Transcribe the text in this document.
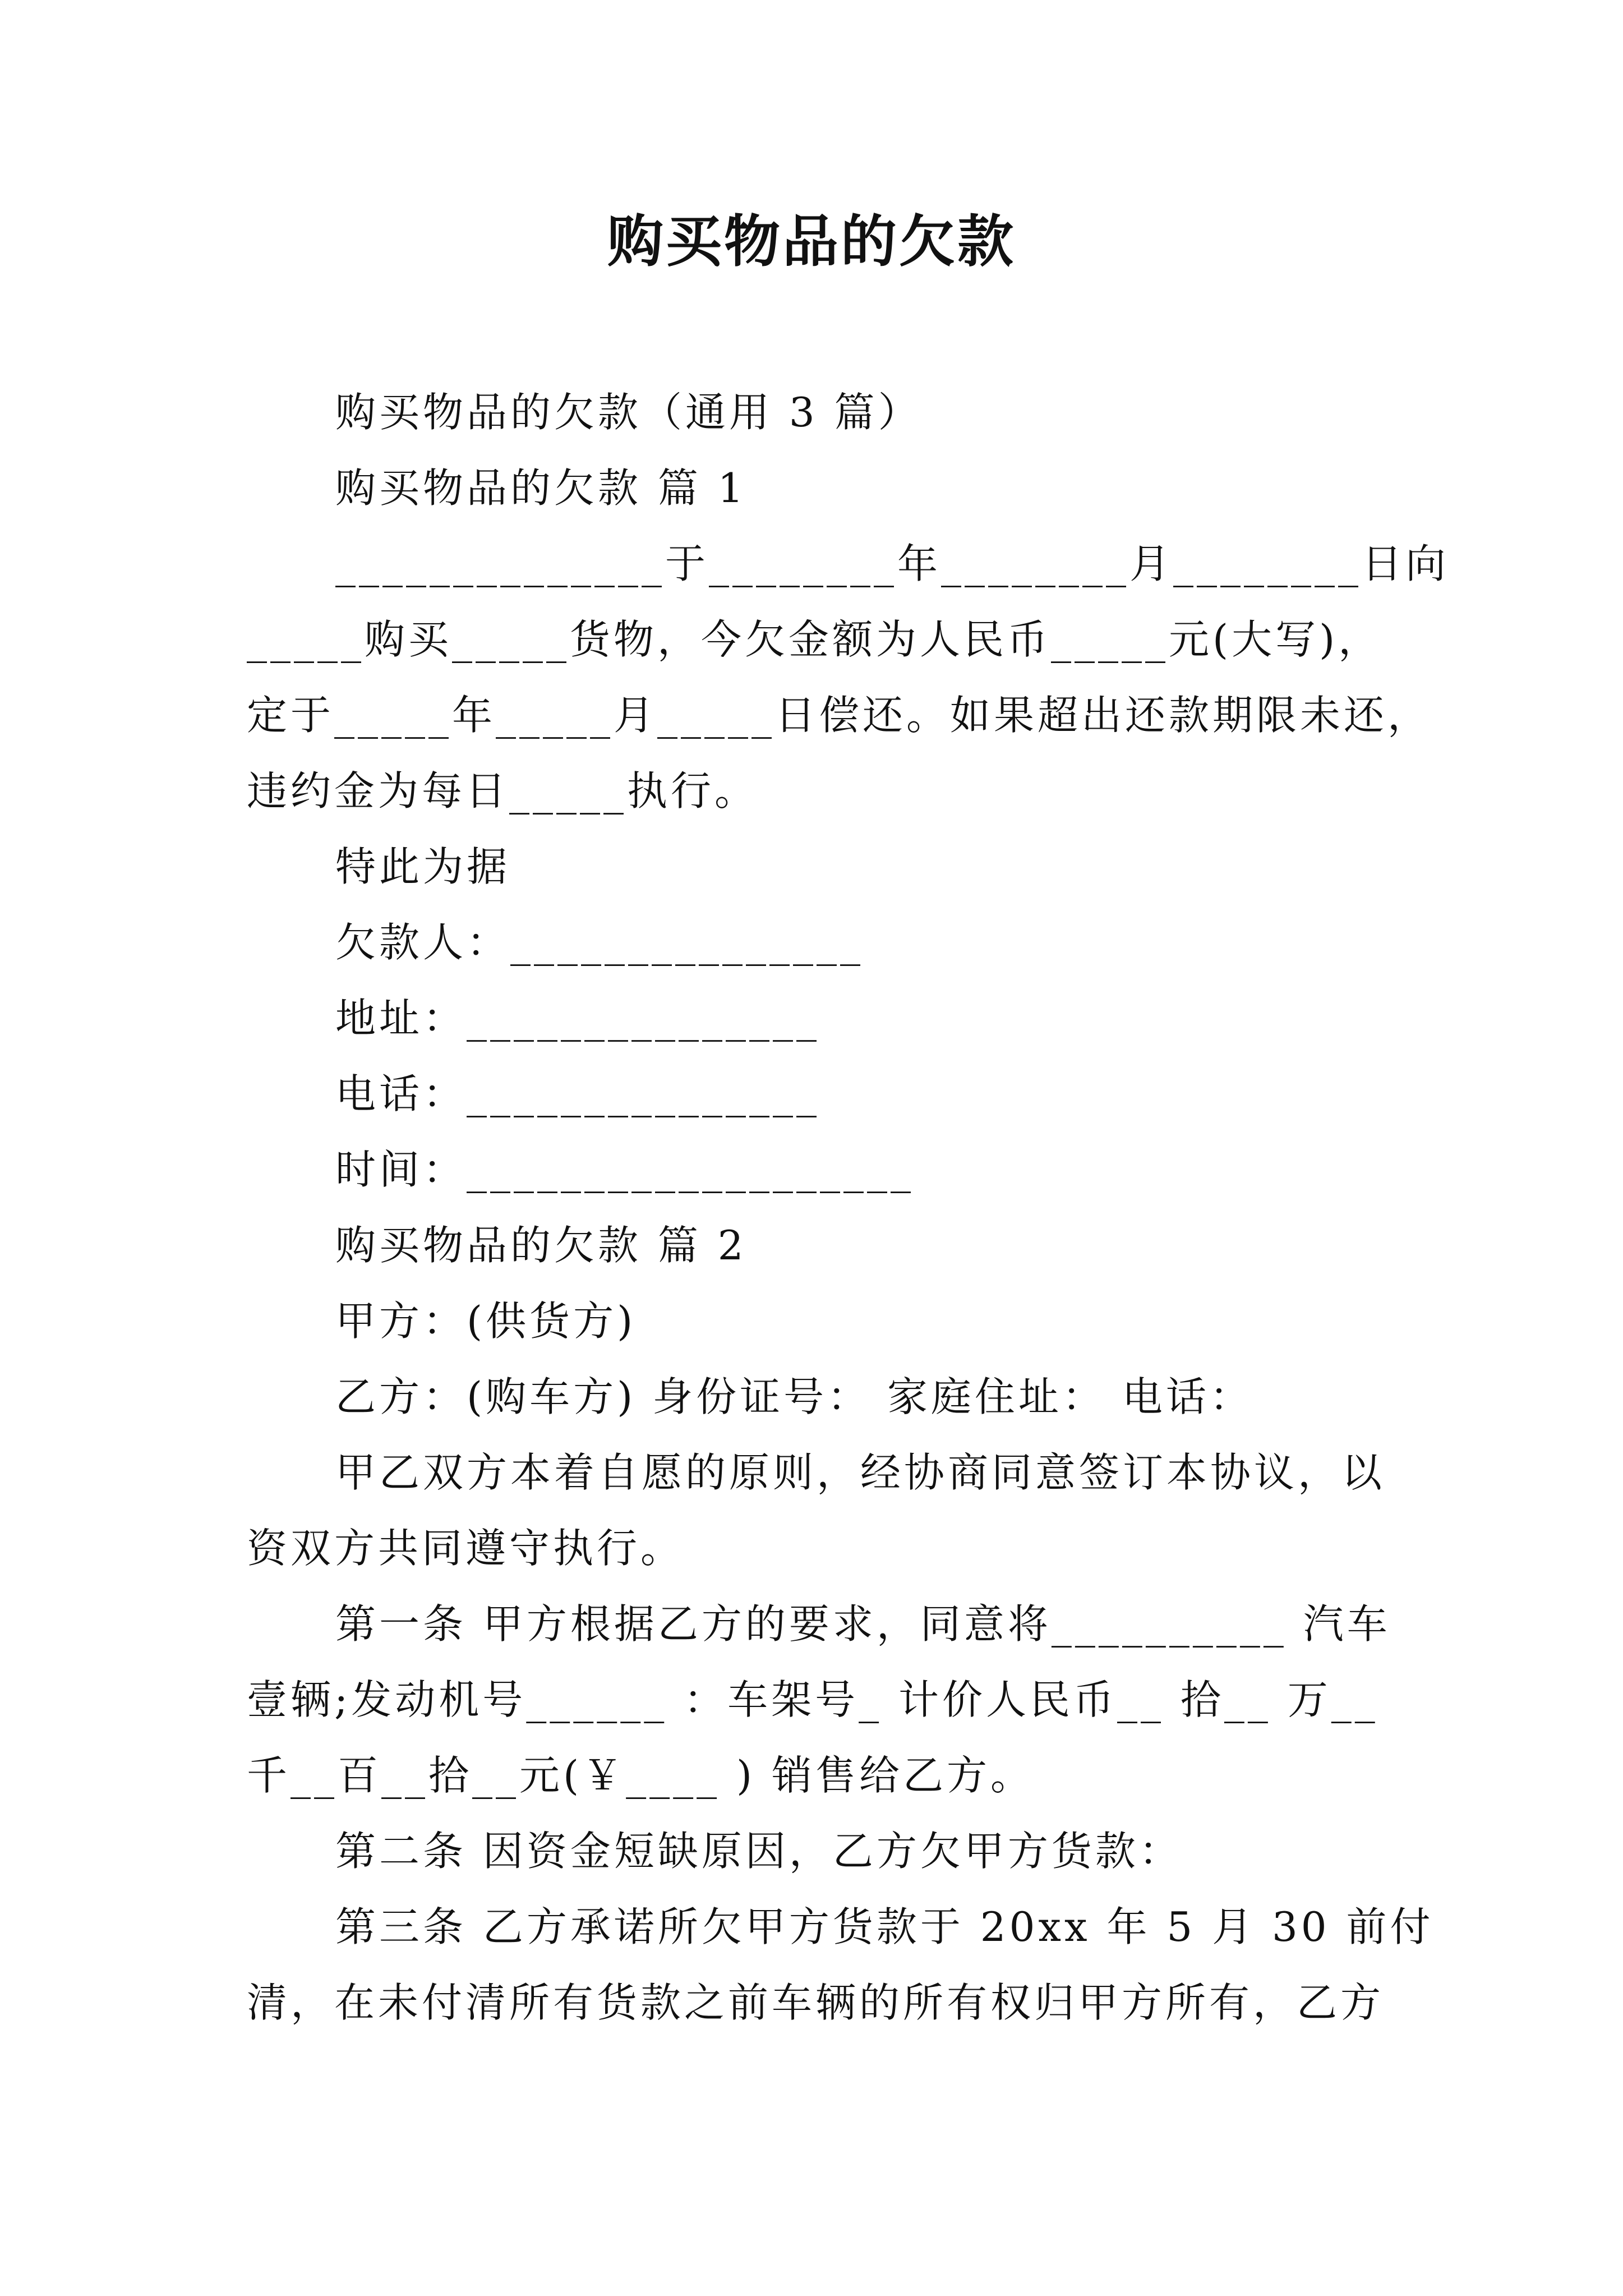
购买物品的欠款
购买物品的欠款（通用 3 篇）
购买物品的欠款 篇 1
______________于________年________月________日向
_____购买_____货物，今欠金额为人民币_____元(大写)，
定于_____年_____月_____日偿还。如果超出还款期限未还，
违约金为每日_____执行。
特此为据
欠款人：_______________
地址：_______________
电话：_______________
时间：___________________
购买物品的欠款 篇 2
甲方：(供货方)
乙方：(购车方) 身份证号： 家庭住址： 电话：
甲乙双方本着自愿的原则，经协商同意签订本协议，以
资双方共同遵守执行。
第一条 甲方根据乙方的要求，同意将__________ 汽车
壹辆;发动机号______ ：车架号_ 计价人民币__ 拾__ 万__
千__百__拾__元(￥____ ) 销售给乙方。
第二条 因资金短缺原因，乙方欠甲方货款：
第三条 乙方承诺所欠甲方货款于 20xx 年 5 月 30 前付
清，在未付清所有货款之前车辆的所有权归甲方所有，乙方
